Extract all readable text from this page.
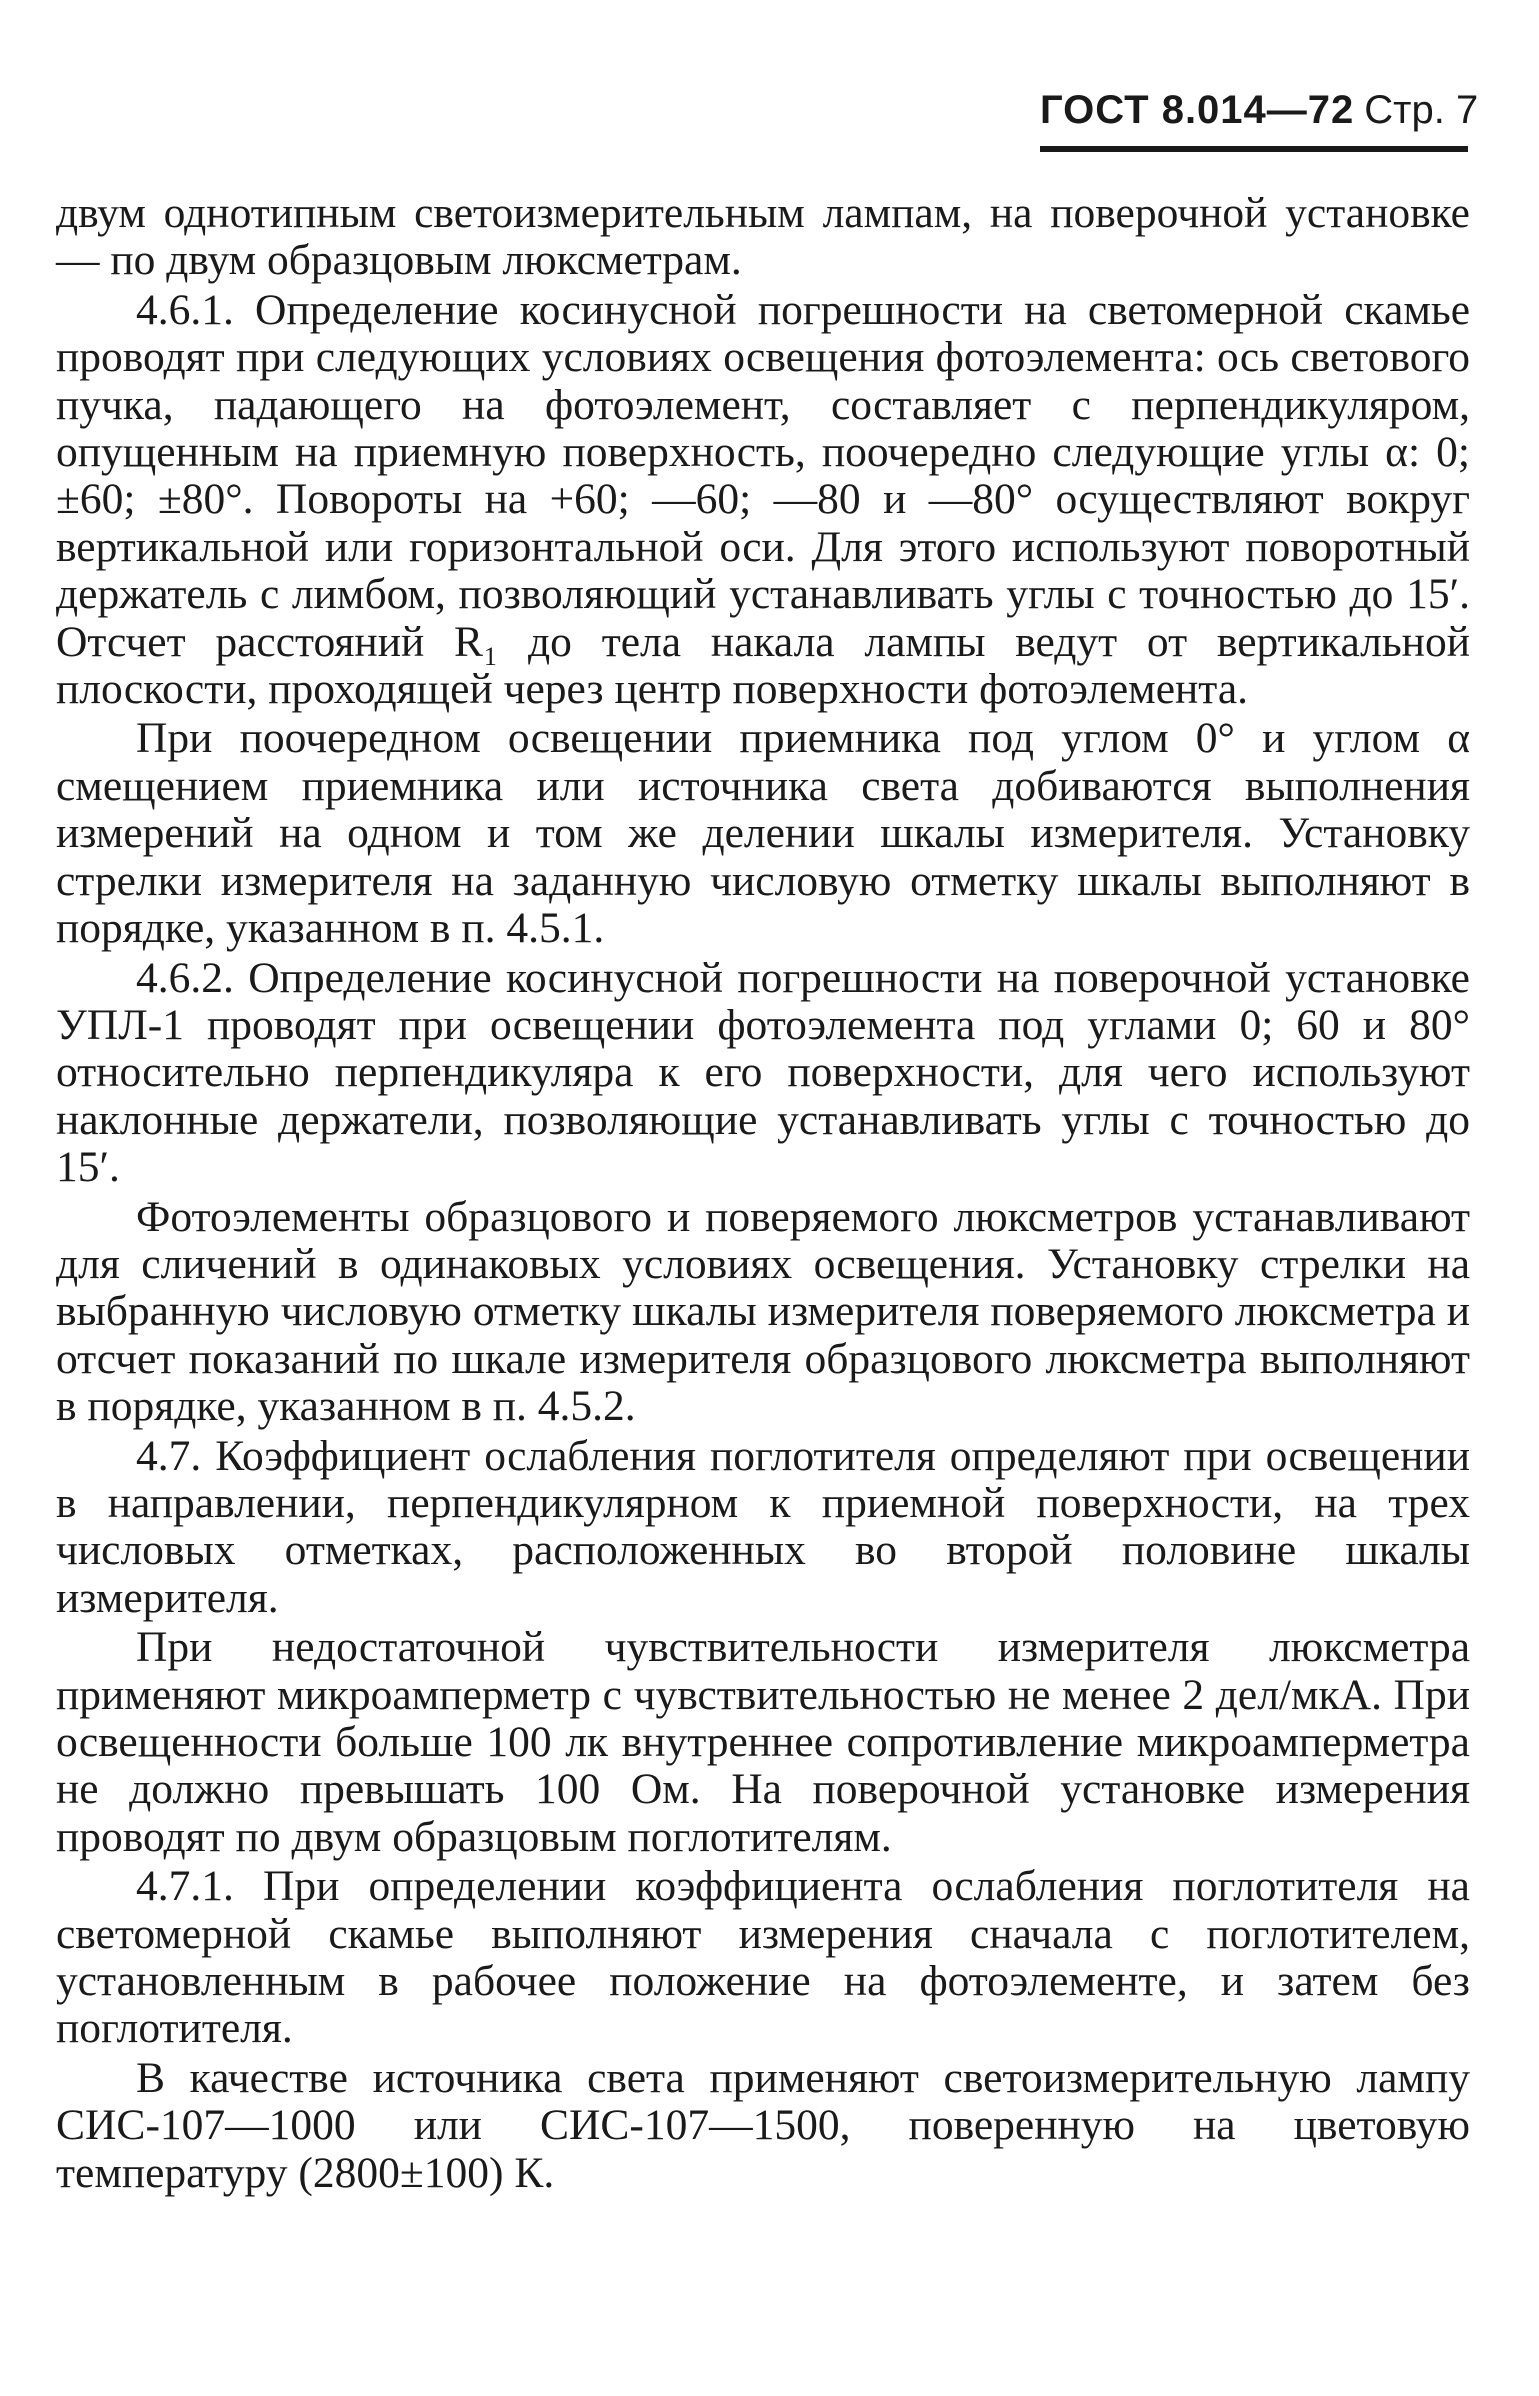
ГОСТ 8.014—72 Стр. 7

двум однотипным светоизмерительным лампам, на поверочной установке — по двум образцовым люксметрам.

4.6.1. Определение косинусной погрешности на светомерной скамье проводят при следующих условиях освещения фотоэлемента: ось светового пучка, падающего на фотоэлемент, составляет с перпендикуляром, опущенным на приемную поверхность, поочередно следующие углы α: 0; ±60; ±80°. Повороты на +60; —60; —80 и —80° осуществляют вокруг вертикальной или горизонтальной оси. Для этого используют поворотный держатель с лимбом, позволяющий устанавливать углы с точностью до 15′. Отсчет расстояний R₁ до тела накала лампы ведут от вертикальной плоскости, проходящей через центр поверхности фотоэлемента.

При поочередном освещении приемника под углом 0° и углом α смещением приемника или источника света добиваются выполнения измерений на одном и том же делении шкалы измерителя. Установку стрелки измерителя на заданную числовую отметку шкалы выполняют в порядке, указанном в п. 4.5.1.

4.6.2. Определение косинусной погрешности на поверочной установке УПЛ-1 проводят при освещении фотоэлемента под углами 0; 60 и 80° относительно перпендикуляра к его поверхности, для чего используют наклонные держатели, позволяющие устанавливать углы с точностью до 15′.

Фотоэлементы образцового и поверяемого люксметров устанавливают для сличений в одинаковых условиях освещения. Установку стрелки на выбранную числовую отметку шкалы измерителя поверяемого люксметра и отсчет показаний по шкале измерителя образцового люксметра выполняют в порядке, указанном в п. 4.5.2.

4.7. Коэффициент ослабления поглотителя определяют при освещении в направлении, перпендикулярном к приемной поверхности, на трех числовых отметках, расположенных во второй половине шкалы измерителя.

При недостаточной чувствительности измерителя люксметра применяют микроамперметр с чувствительностью не менее 2 дел/мкА. При освещенности больше 100 лк внутреннее сопротивление микроамперметра не должно превышать 100 Ом. На поверочной установке измерения проводят по двум образцовым поглотителям.

4.7.1. При определении коэффициента ослабления поглотителя на светомерной скамье выполняют измерения сначала с поглотителем, установленным в рабочее положение на фотоэлементе, и затем без поглотителя.

В качестве источника света применяют светоизмерительную лампу СИС-107—1000 или СИС-107—1500, поверенную на цветовую температуру (2800±100) К.
